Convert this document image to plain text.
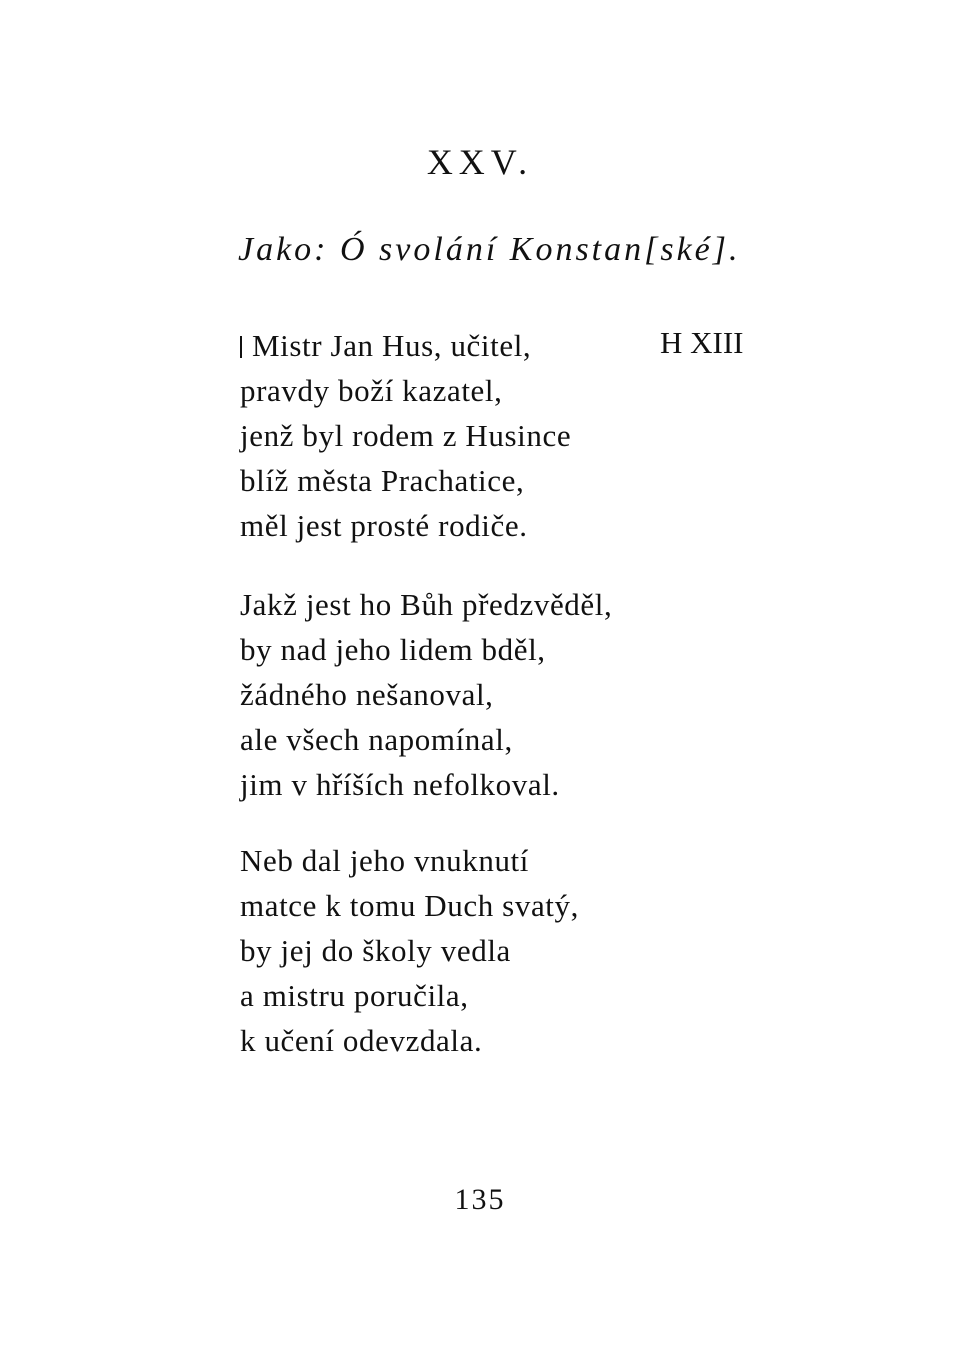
XXV.
Jako: Ó svolání Konstan[ské].
H XIII
Mistr Jan Hus, učitel,
pravdy boží kazatel,
jenž byl rodem z Husince
blíž města Prachatice,
měl jest prosté rodiče.
Jakž jest ho Bůh předzvěděl,
by nad jeho lidem bděl,
žádného nešanoval,
ale všech napomínal,
jim v hříších nefolkoval.
Neb dal jeho vnuknutí
matce k tomu Duch svatý,
by jej do školy vedla
a mistru poručila,
k učení odevzdala.
135
